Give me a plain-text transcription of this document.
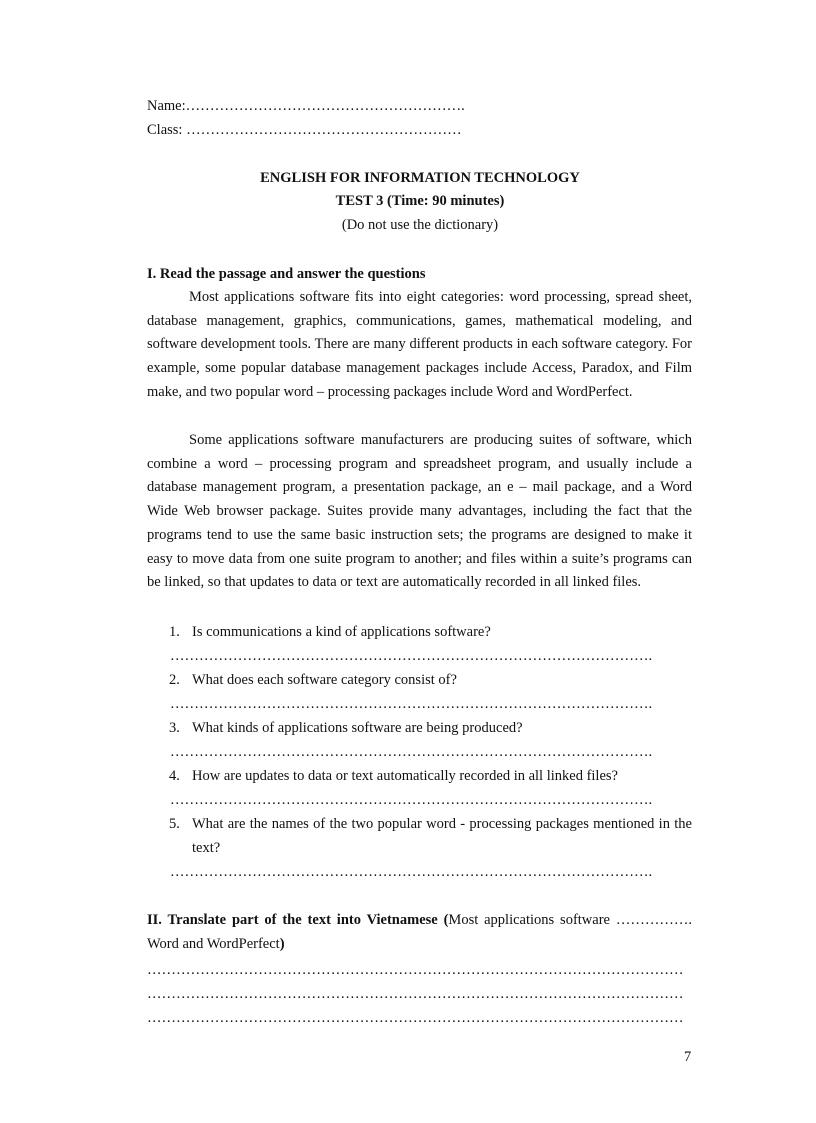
Name:………………………………………………….
Class: …………………………………………………
ENGLISH FOR INFORMATION TECHNOLOGY
TEST 3 (Time: 90 minutes)
(Do not use the dictionary)
I. Read the passage and answer the questions
Most applications software fits into eight categories: word processing, spread sheet, database management, graphics, communications, games, mathematical modeling, and software development tools. There are many different products in each software category. For example, some popular database management packages include Access, Paradox, and Film make, and two popular word – processing packages include Word and WordPerfect.
Some applications software manufacturers are producing suites of software, which combine a word – processing program and spreadsheet program, and usually include a database management program, a presentation package, an e – mail package, and a Word Wide Web browser package. Suites provide many advantages, including the fact that the programs tend to use the same basic instruction sets; the programs are designed to make it easy to move data from one suite program to another; and files within a suite’s programs can be linked, so that updates to data or text are automatically recorded in all linked files.
1. Is communications a kind of applications software?
2. What does each software category consist of?
3. What kinds of applications software are being produced?
4. How are updates to data or text automatically recorded in all linked files?
5. What are the names of the two popular word - processing packages mentioned in the text?
……………………………………………………………………………………….
……………………………………………………………………………………….
……………………………………………………………………………………….
……………………………………………………………………………………….
……………………………………………………………………………………….
II. Translate part of the text into Vietnamese (Most applications software ……………. Word and WordPerfect)
…………………………………………………………………………………………………
…………………………………………………………………………………………………
…………………………………………………………………………………………………
7
